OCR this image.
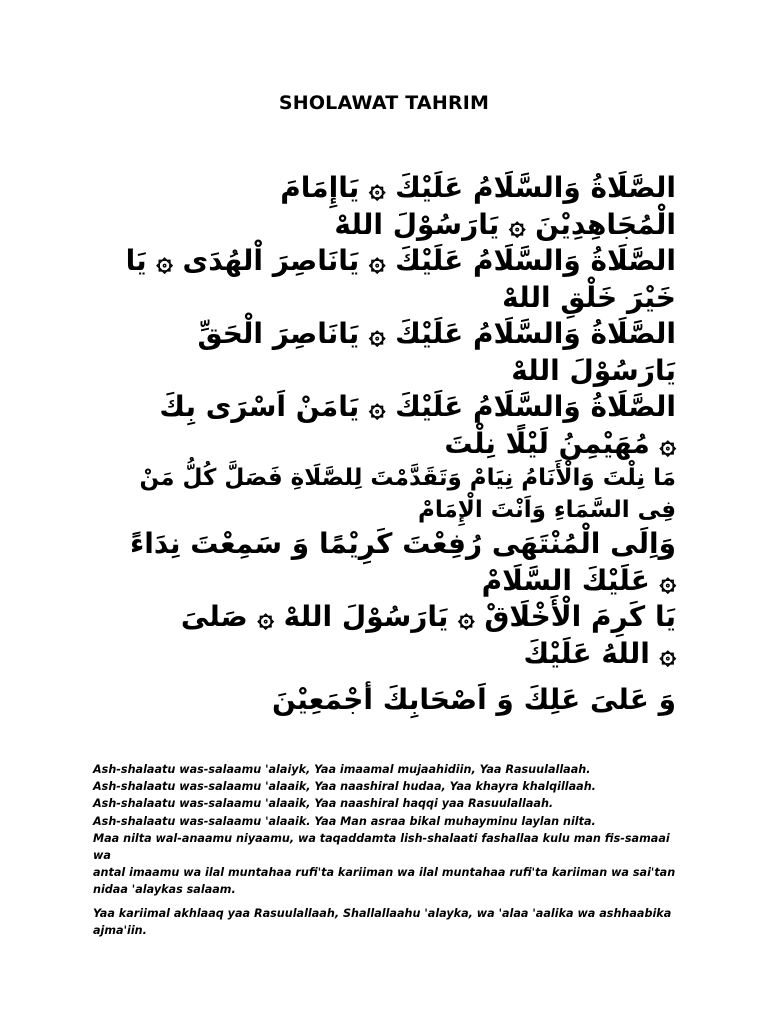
SHOLAWAT TAHRIM
الصَّلَاةُ وَالسَّلَامُ عَلَيْكَ ۞ يَاإِمَامَ
الْمُجَاهِدِيْنَ ۞ يَارَسُوْلَ اللهْ
الصَّلَاةُ وَالسَّلَامُ عَلَيْكَ ۞ يَانَاصِرَ اْلهُدَى ۞ يَا
خَيْرَ خَلْقِ اللهْ
الصَّلَاةُ وَالسَّلَامُ عَلَيْكَ ۞ يَانَاصِرَ الْحَقِّ
يَارَسُوْلَ اللهْ
الصَّلَاةُ وَالسَّلَامُ عَلَيْكَ ۞ يَامَنْ اَسْرَى بِكَ
۞ مُهَيْمِنُ لَيْلًا نِلْتَ
مَا نِلْتَ وَالْأَنَامُ نِيَامْ وَتَقَدَّمْتَ لِلصَّلَاةِ فَصَلَّ كُلُّ مَنْ
فِى السَّمَاءِ وَاَنْتَ الْإِمَامْ
وَاِلَى الْمُنْتَهَى رُفِعْتَ كَرِيْمًا وَ سَمِعْتَ نِدَاءً
۞ عَلَيْكَ السَّلَامْ
يَا كَرِمَ الْأَخْلَاقْ ۞ يَارَسُوْلَ اللهْ ۞ صَلىَ
۞ اللهُ عَلَيْكَ
وَ عَلىَ عَلِكَ وَ اَصْحَابِكَ أجْمَعِيْنَ

Ash-shalaatu was-salaamu 'alaiyk, Yaa imaamal mujaahidiin, Yaa Rasuulallaah.

Ash-shalaatu was-salaamu 'alaaik, Yaa naashiral hudaa, Yaa khayra khalqillaah.

Ash-shalaatu was-salaamu 'alaaik, Yaa naashiral haqqi yaa Rasuulallaah.

Ash-shalaatu was-salaamu 'alaaik. Yaa Man asraa bikal muhayminu laylan nilta.

Maa nilta wal-anaamu niyaamu, wa taqaddamta lish-shalaati fashallaa kulu man fis-samaai wa

antal imaamu wa ilal muntahaa rufi'ta kariiman wa ilal muntahaa rufi'ta kariiman wa sai'tan

nidaa 'alaykas salaam.

Yaa kariimal akhlaaq yaa Rasuulallaah, Shallallaahu 'alayka, wa 'alaa 'aalika wa ashhaabika

ajma'iin.
